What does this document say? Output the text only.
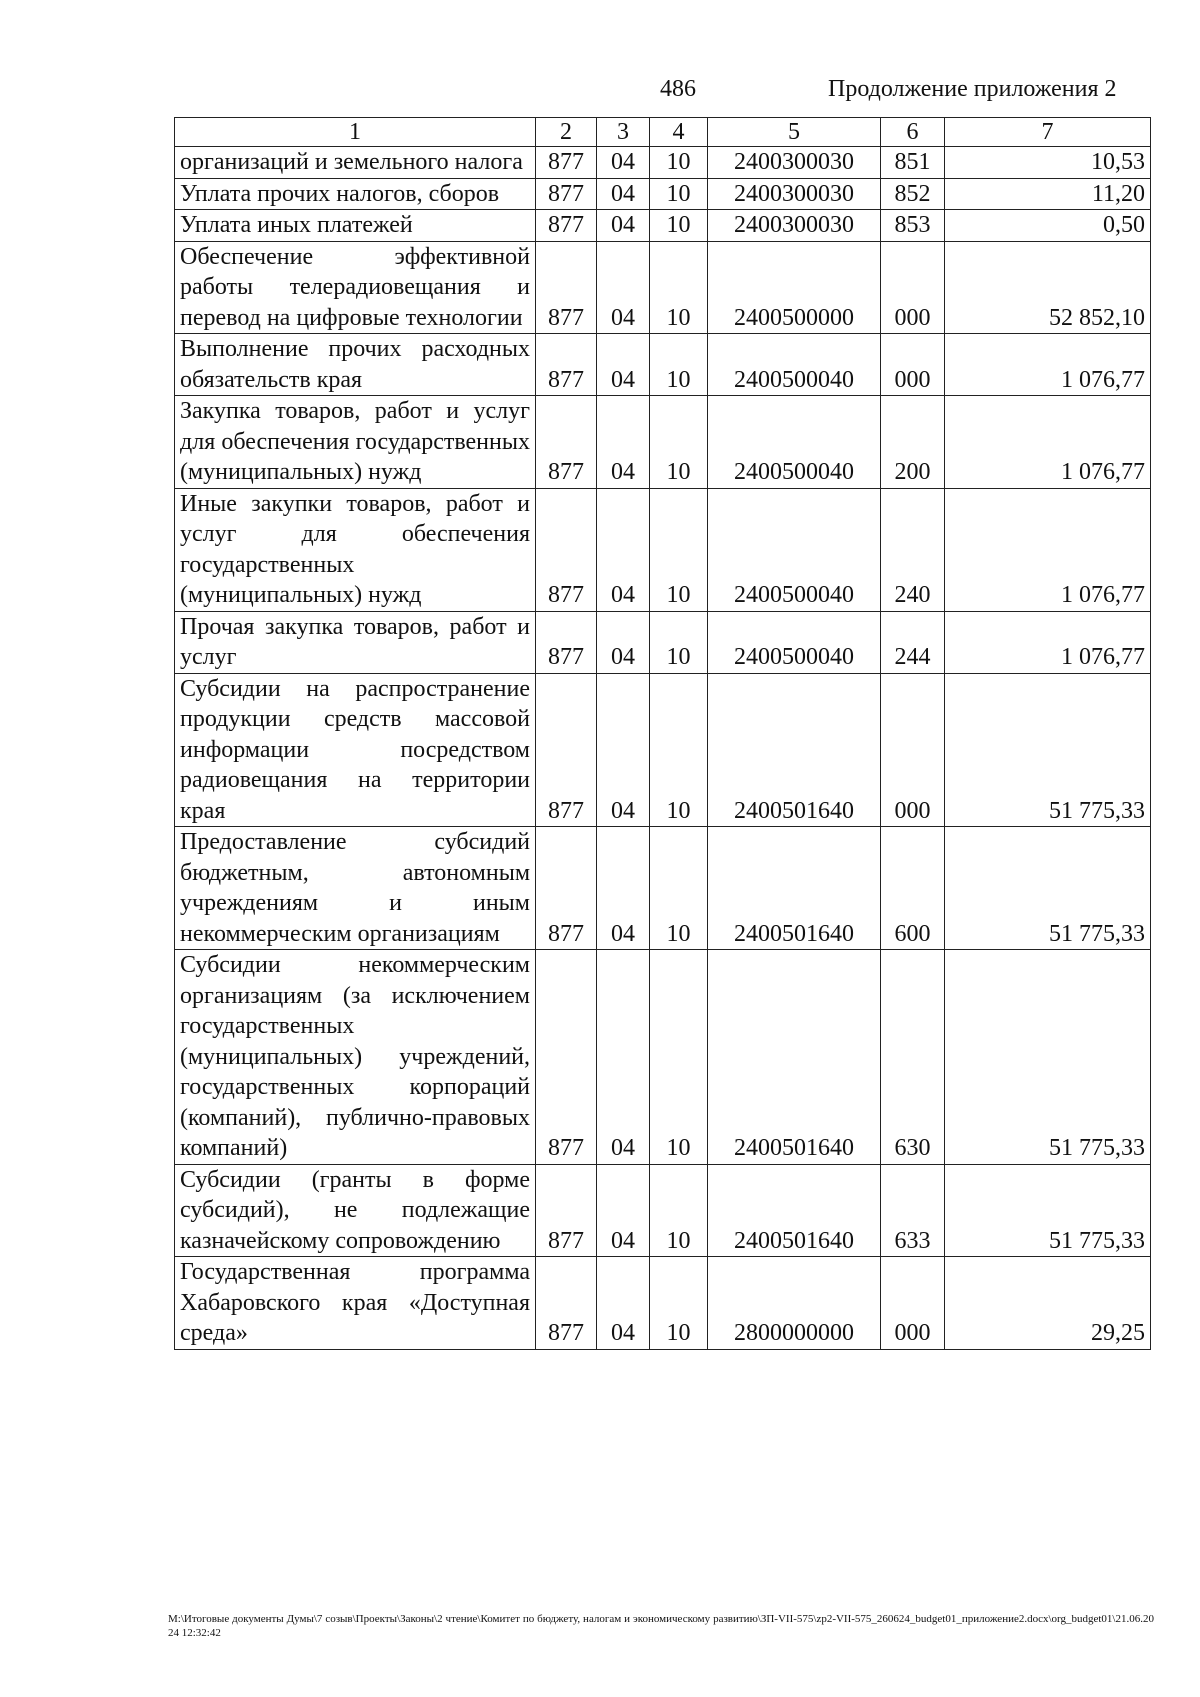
486	Продолжение приложения 2
1	2	3	4	5	6	7
организаций и земельного налога	877	04	10	2400300030	851	10,53
Уплата прочих налогов, сборов	877	04	10	2400300030	852	11,20
Уплата иных платежей	877	04	10	2400300030	853	0,50
Обеспечение эффективной работы телерадиовещания и перевод на цифровые технологии	877	04	10	2400500000	000	52 852,10
Выполнение прочих расходных обязательств края	877	04	10	2400500040	000	1 076,77
Закупка товаров, работ и услуг для обеспечения государственных (муниципальных) нужд	877	04	10	2400500040	200	1 076,77
Иные закупки товаров, работ и услуг для обеспечения государственных (муниципальных) нужд	877	04	10	2400500040	240	1 076,77
Прочая закупка товаров, работ и услуг	877	04	10	2400500040	244	1 076,77
Субсидии на распространение продукции средств массовой информации посредством радиовещания на территории края	877	04	10	2400501640	000	51 775,33
Предоставление субсидий бюджетным, автономным учреждениям и иным некоммерческим организациям	877	04	10	2400501640	600	51 775,33
Субсидии некоммерческим организациям (за исключением государственных (муниципальных) учреждений, государственных корпораций (компаний), публично-правовых компаний)	877	04	10	2400501640	630	51 775,33
Субсидии (гранты в форме субсидий), не подлежащие казначейскому сопровождению	877	04	10	2400501640	633	51 775,33
Государственная программа Хабаровского края «Доступная среда»	877	04	10	2800000000	000	29,25
M:\Итоговые документы Думы\7 созыв\Проекты\Законы\2 чтение\Комитет по бюджету, налогам и экономическому развитию\ЗП-VII-575\zp2-VII-575_260624_budget01_приложение2.docx\org_budget01\21.06.2024 12:32:42
